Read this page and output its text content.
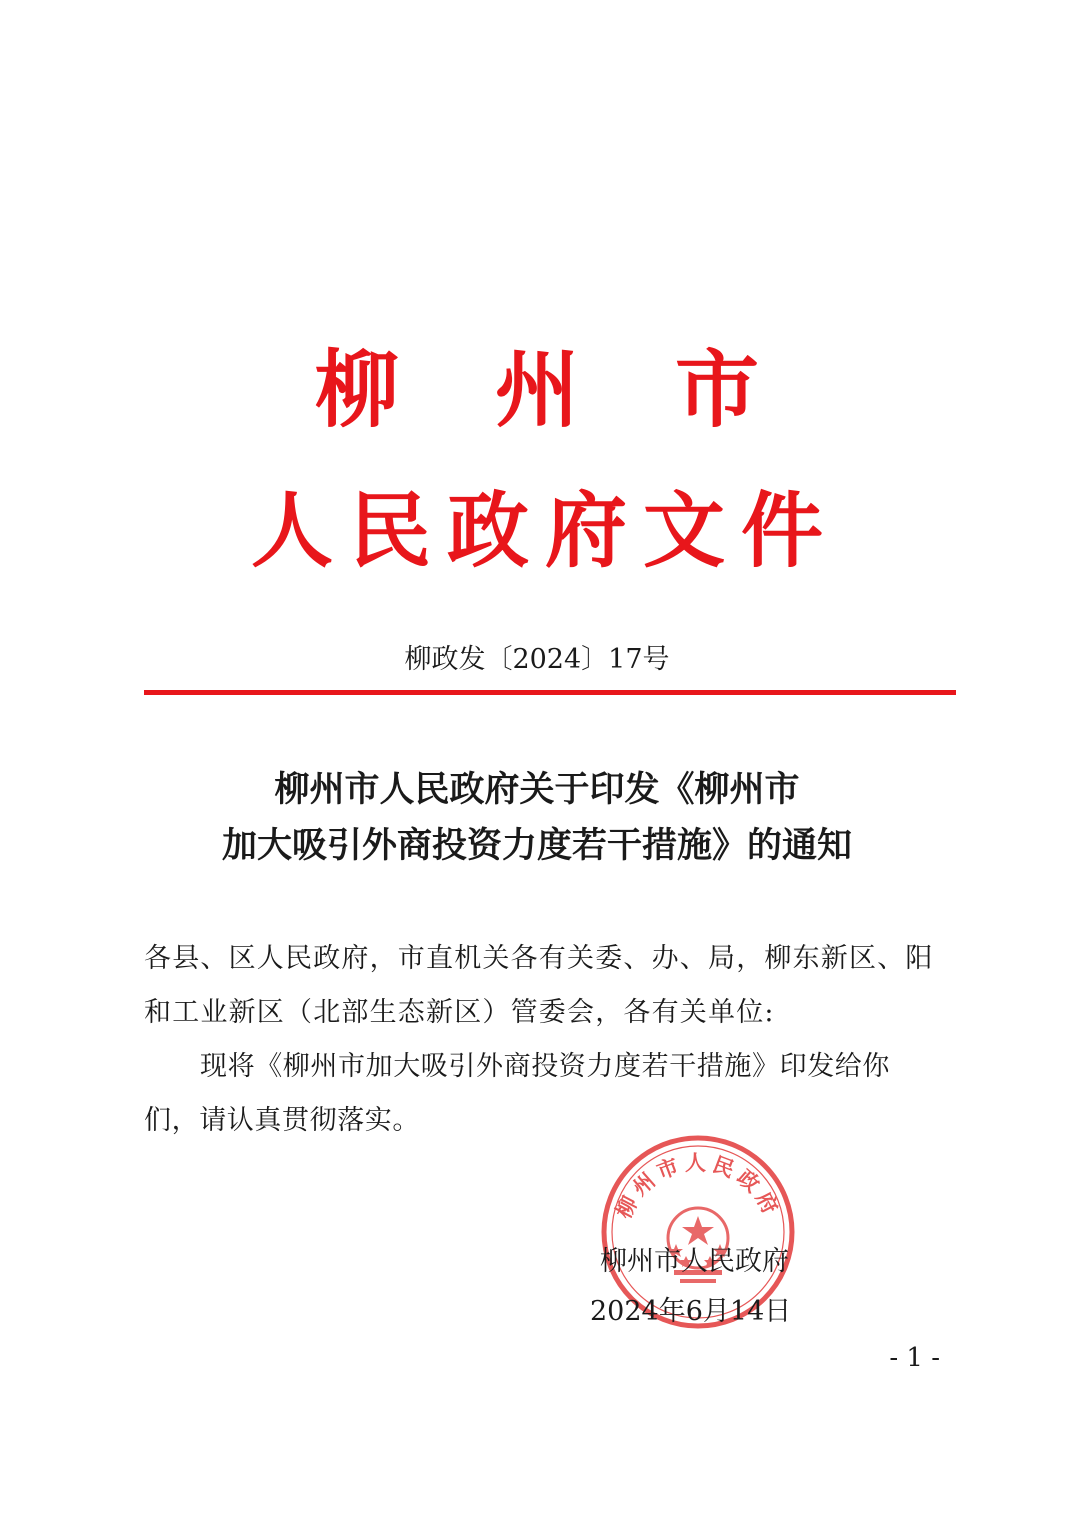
柳州市
人民政府文件
柳政发〔2024〕17号
柳州市人民政府关于印发《柳州市
加大吸引外商投资力度若干措施》的通知
各县、区人民政府，市直机关各有关委、办、局，柳东新区、阳和工业新区（北部生态新区）管委会，各有关单位:
现将《柳州市加大吸引外商投资力度若干措施》印发给你们，请认真贯彻落实。
柳州市人民政府
柳州市人民政府
2024年6月14日
- 1 -
